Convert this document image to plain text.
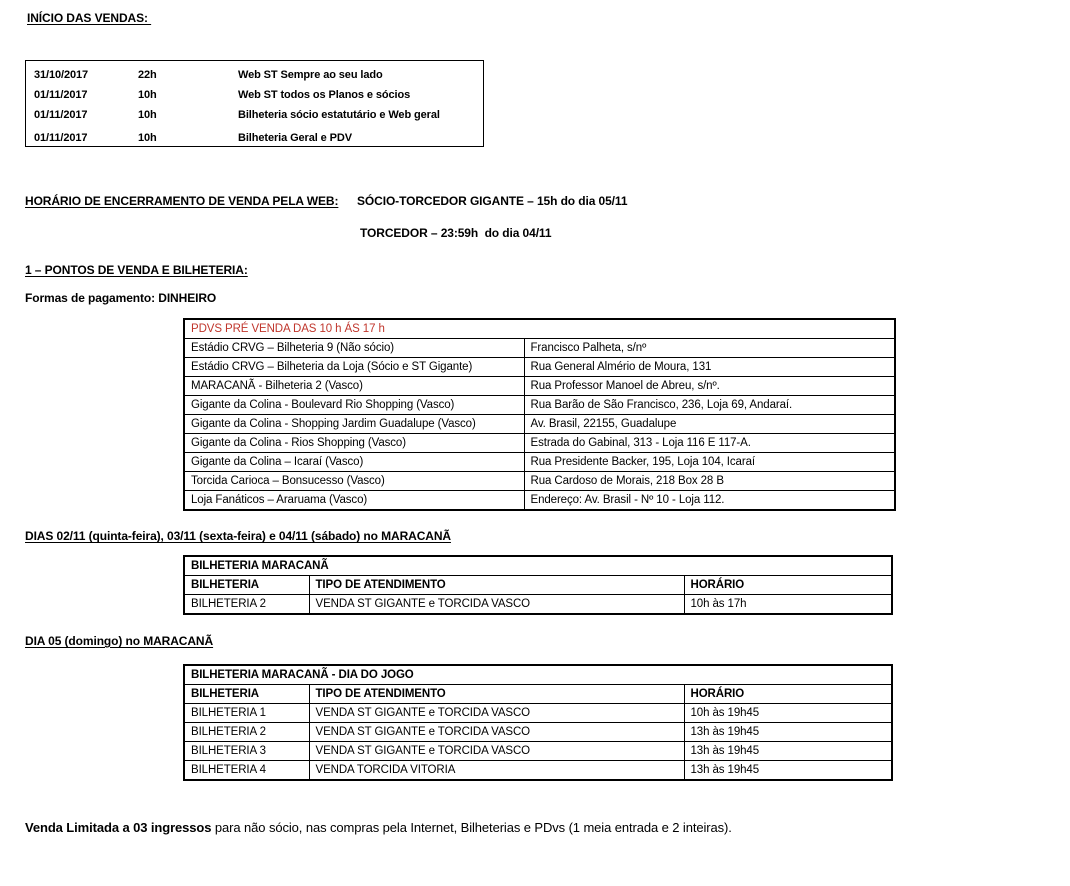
INÍCIO DAS VENDAS:
31/10/2017	22h	Web ST Sempre ao seu lado
01/11/2017	10h	Web ST todos os Planos e sócios
01/11/2017	10h	Bilheteria sócio estatutário e Web geral
01/11/2017	10h	Bilheteria Geral e PDV
HORÁRIO DE ENCERRAMENTO DE VENDA PELA WEB: SÓCIO-TORCEDOR GIGANTE – 15h do dia 05/11
TORCEDOR – 23:59h  do dia 04/11
1 – PONTOS DE VENDA E BILHETERIA:
Formas de pagamento: DINHEIRO
PDVS PRÉ VENDA DAS 10 h ÁS 17 h	
Estádio CRVG – Bilheteria 9 (Não sócio)	Francisco Palheta, s/nº
Estádio CRVG – Bilheteria da Loja (Sócio e ST Gigante)	Rua General Almério de Moura, 131
MARACANÃ - Bilheteria 2 (Vasco)	Rua Professor Manoel de Abreu, s/nº.
Gigante da Colina - Boulevard Rio Shopping (Vasco)	Rua Barão de São Francisco, 236, Loja 69, Andaraí.
Gigante da Colina - Shopping Jardim Guadalupe (Vasco)	Av. Brasil, 22155, Guadalupe
Gigante da Colina - Rios Shopping (Vasco)	Estrada do Gabinal, 313 - Loja 116 E 117-A.
Gigante da Colina – Icaraí (Vasco)	Rua Presidente Backer, 195, Loja 104, Icaraí
Torcida Carioca – Bonsucesso (Vasco)	Rua Cardoso de Morais, 218 Box 28 B
Loja Fanáticos – Araruama (Vasco)	Endereço: Av. Brasil - Nº 10 - Loja 112.
DIAS 02/11 (quinta-feira), 03/11 (sexta-feira) e 04/11 (sábado) no MARACANÃ
BILHETERIA MARACANÃ		
BILHETERIA	TIPO DE ATENDIMENTO	HORÁRIO
BILHETERIA 2	VENDA ST GIGANTE e TORCIDA VASCO	10h às 17h
DIA 05 (domingo) no MARACANÃ
BILHETERIA MARACANÃ - DIA DO JOGO		
BILHETERIA	TIPO DE ATENDIMENTO	HORÁRIO
BILHETERIA 1	VENDA ST GIGANTE e TORCIDA VASCO	10h às 19h45
BILHETERIA 2	VENDA ST GIGANTE e TORCIDA VASCO	13h às 19h45
BILHETERIA 3	VENDA ST GIGANTE e TORCIDA VASCO	13h às 19h45
BILHETERIA 4	VENDA TORCIDA VITORIA	13h às 19h45
Venda Limitada a 03 ingressos para não sócio, nas compras pela Internet, Bilheterias e PDvs (1 meia entrada e 2 inteiras).
